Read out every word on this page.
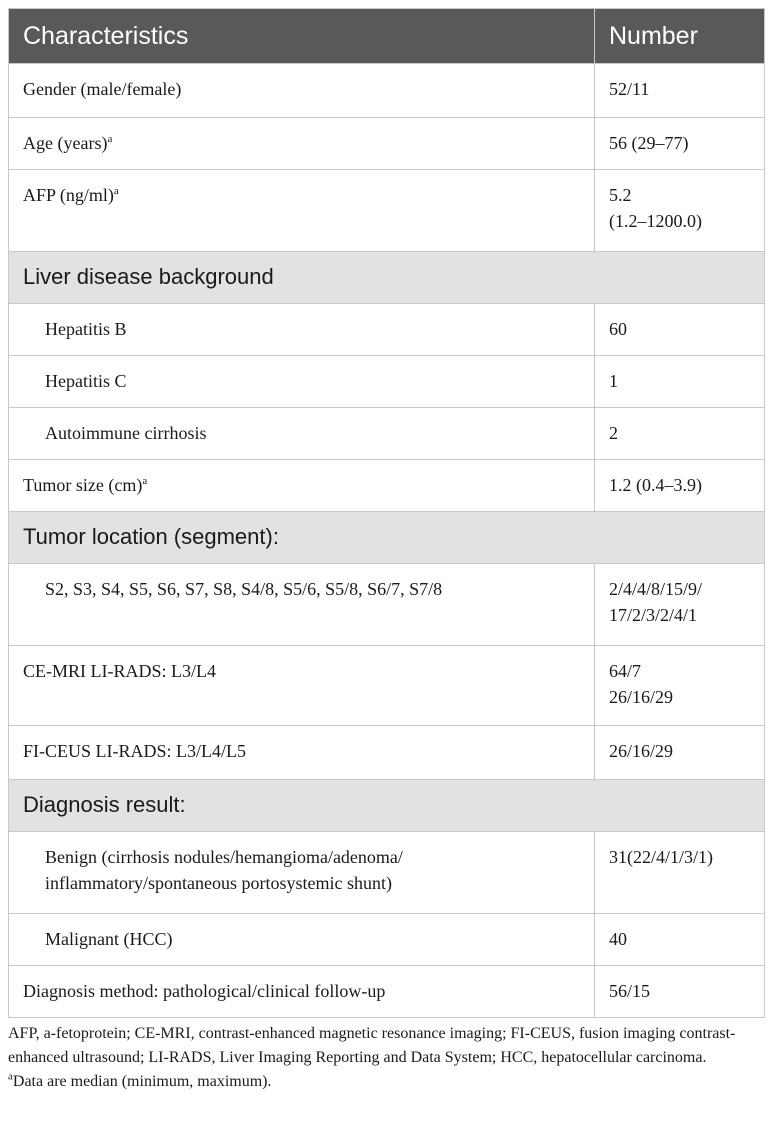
Characteristics	Number
Gender (male/female)	52/11
Age (years)$^a$	56 (29–77)
AFP $(ng/ml)^a$	5.2
(1.2–1200.0)

Liver disease background	
Hepatitis B	60
Hepatitis C	1
Autoimmune cirrhosis	2
Tumor size (cm)$^a$	1.2 (0.4–3.9)
Tumor location (segment):	
S2, S3, S4, S5, S6, S7, S8, S4/8, S5/6, S5/8, S6/7, S7/8	2/4/4/8/15/9/
17/2/3/2/4/1

CE-MRI LI-RADS: L3/L4	64/7
26/16/29

FI-CEUS LI-RADS: L3/L4/L5	26/16/29
Diagnosis result:	

Benign (cirrhosis nodules/hemangioma/adenoma/
inflammatory/spontaneous portosystemic shunt)	31(22/4/1/3/1)
Malignant (HCC)	40
Diagnosis method: pathological/clinical follow-up	56/15

AFP, a-fetoprotein; CE-MRI, contrast-enhanced magnetic resonance imaging; FI-CEUS, fusion imaging contrast-enhanced ultrasound; LI-RADS, Liver Imaging Reporting and Data System; HCC, hepatocellular carcinoma.

$^a$Data are median (minimum, maximum).
